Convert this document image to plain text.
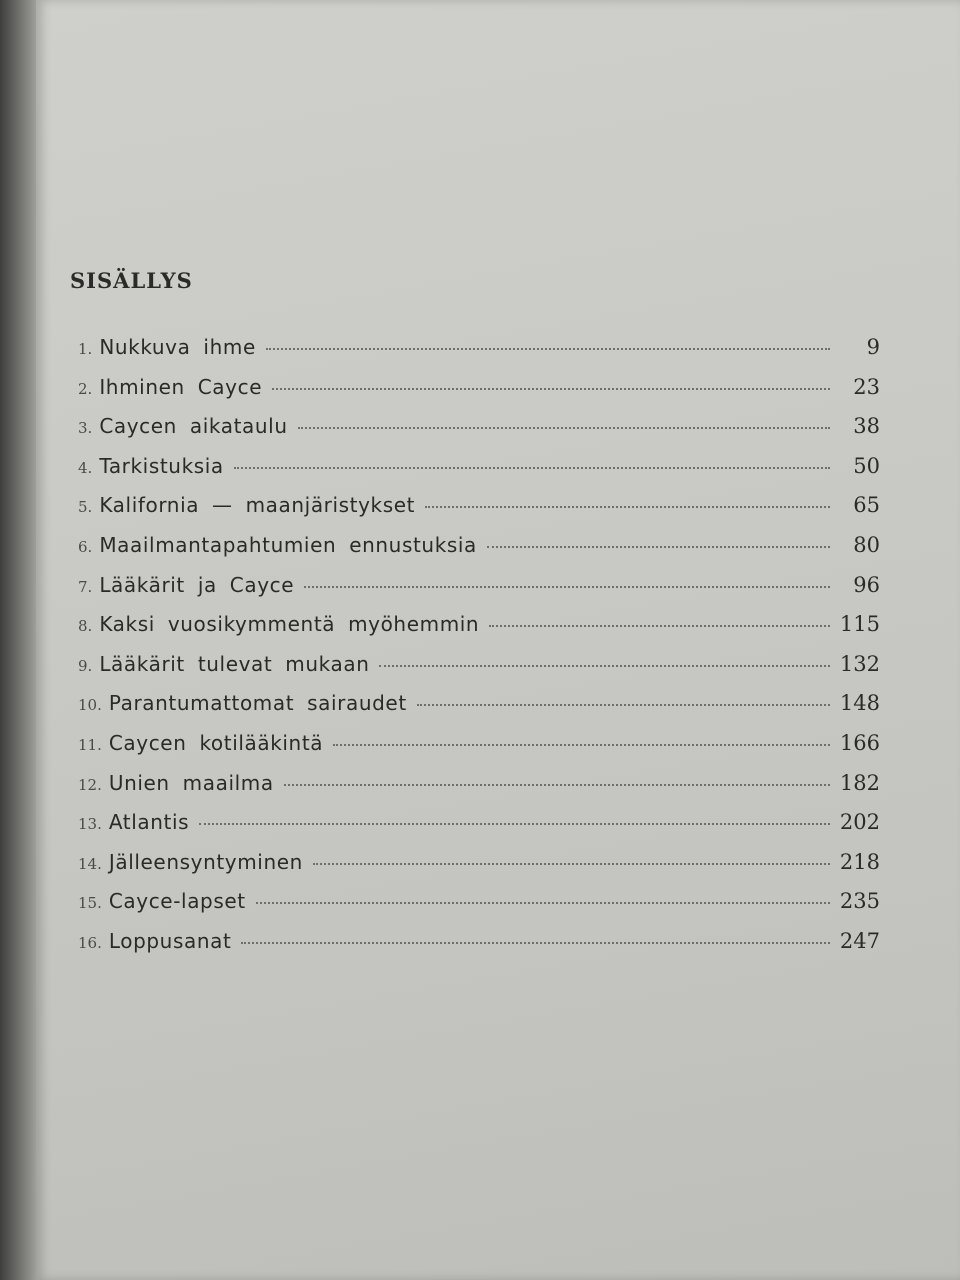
SISÄLLYS
1. Nukkuva ihme	9
2. Ihminen Cayce	23
3. Caycen aikataulu	38
4. Tarkistuksia	50
5. Kalifornia — maanjäristykset	65
6. Maailmantapahtumien ennustuksia	80
7. Lääkärit ja Cayce	96
8. Kaksi vuosikymmentä myöhemmin	115
9. Lääkärit tulevat mukaan	132
10. Parantumattomat sairaudet	148
11. Caycen kotilääkintä	166
12. Unien maailma	182
13. Atlantis	202
14. Jälleensyntyminen	218
15. Cayce-lapset	235
16. Loppusanat	247
